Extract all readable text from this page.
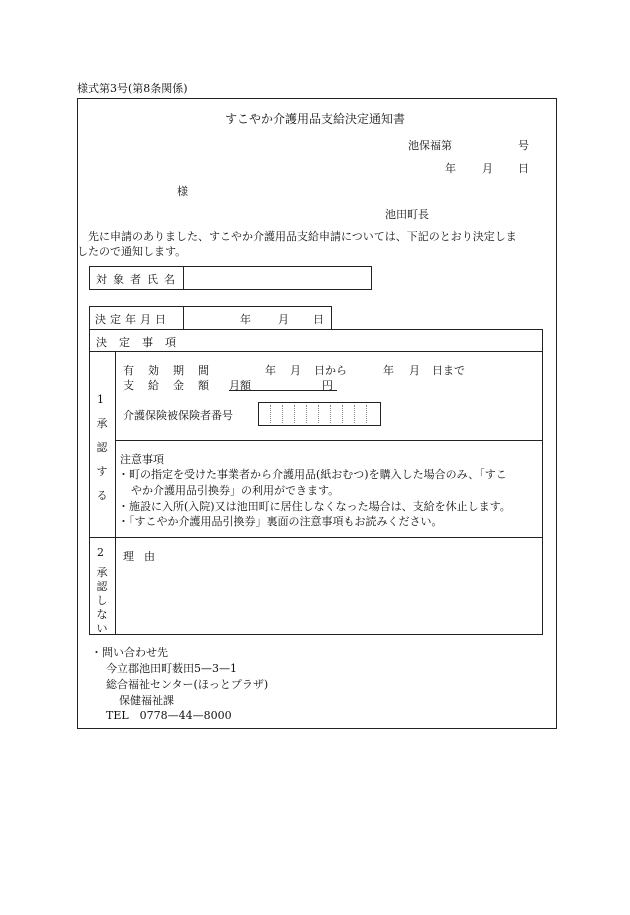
様式第3号(第8条関係)
すこやか介護用品支給決定通知書
池保福第	号
年 月 日
様
池田町長
先に申請のありました、すこやか介護用品支給申請については、下記のとおり決定しま
したので通知します。
対象者氏名
決定年月日	年 月 日
決定事項
1
承認する
有効期間	年 月 日から	年 月 日まで
支給金額 月額	円
介護保険被保険者番号
注意事項
・町の指定を受けた事業者から介護用品(紙おむつ)を購入した場合のみ、「すこ
やか介護用品引換券」の利用ができます。
・施設に入所(入院)又は池田町に居住しなくなった場合は、支給を休止します。
・「すこやか介護用品引換券」裏面の注意事項もお読みください。
2
承認しない
理由
・問い合わせ先
今立郡池田町薮田5—3—1
総合福祉センター(ほっとプラザ)
保健福祉課
TEL　0778—44—8000
